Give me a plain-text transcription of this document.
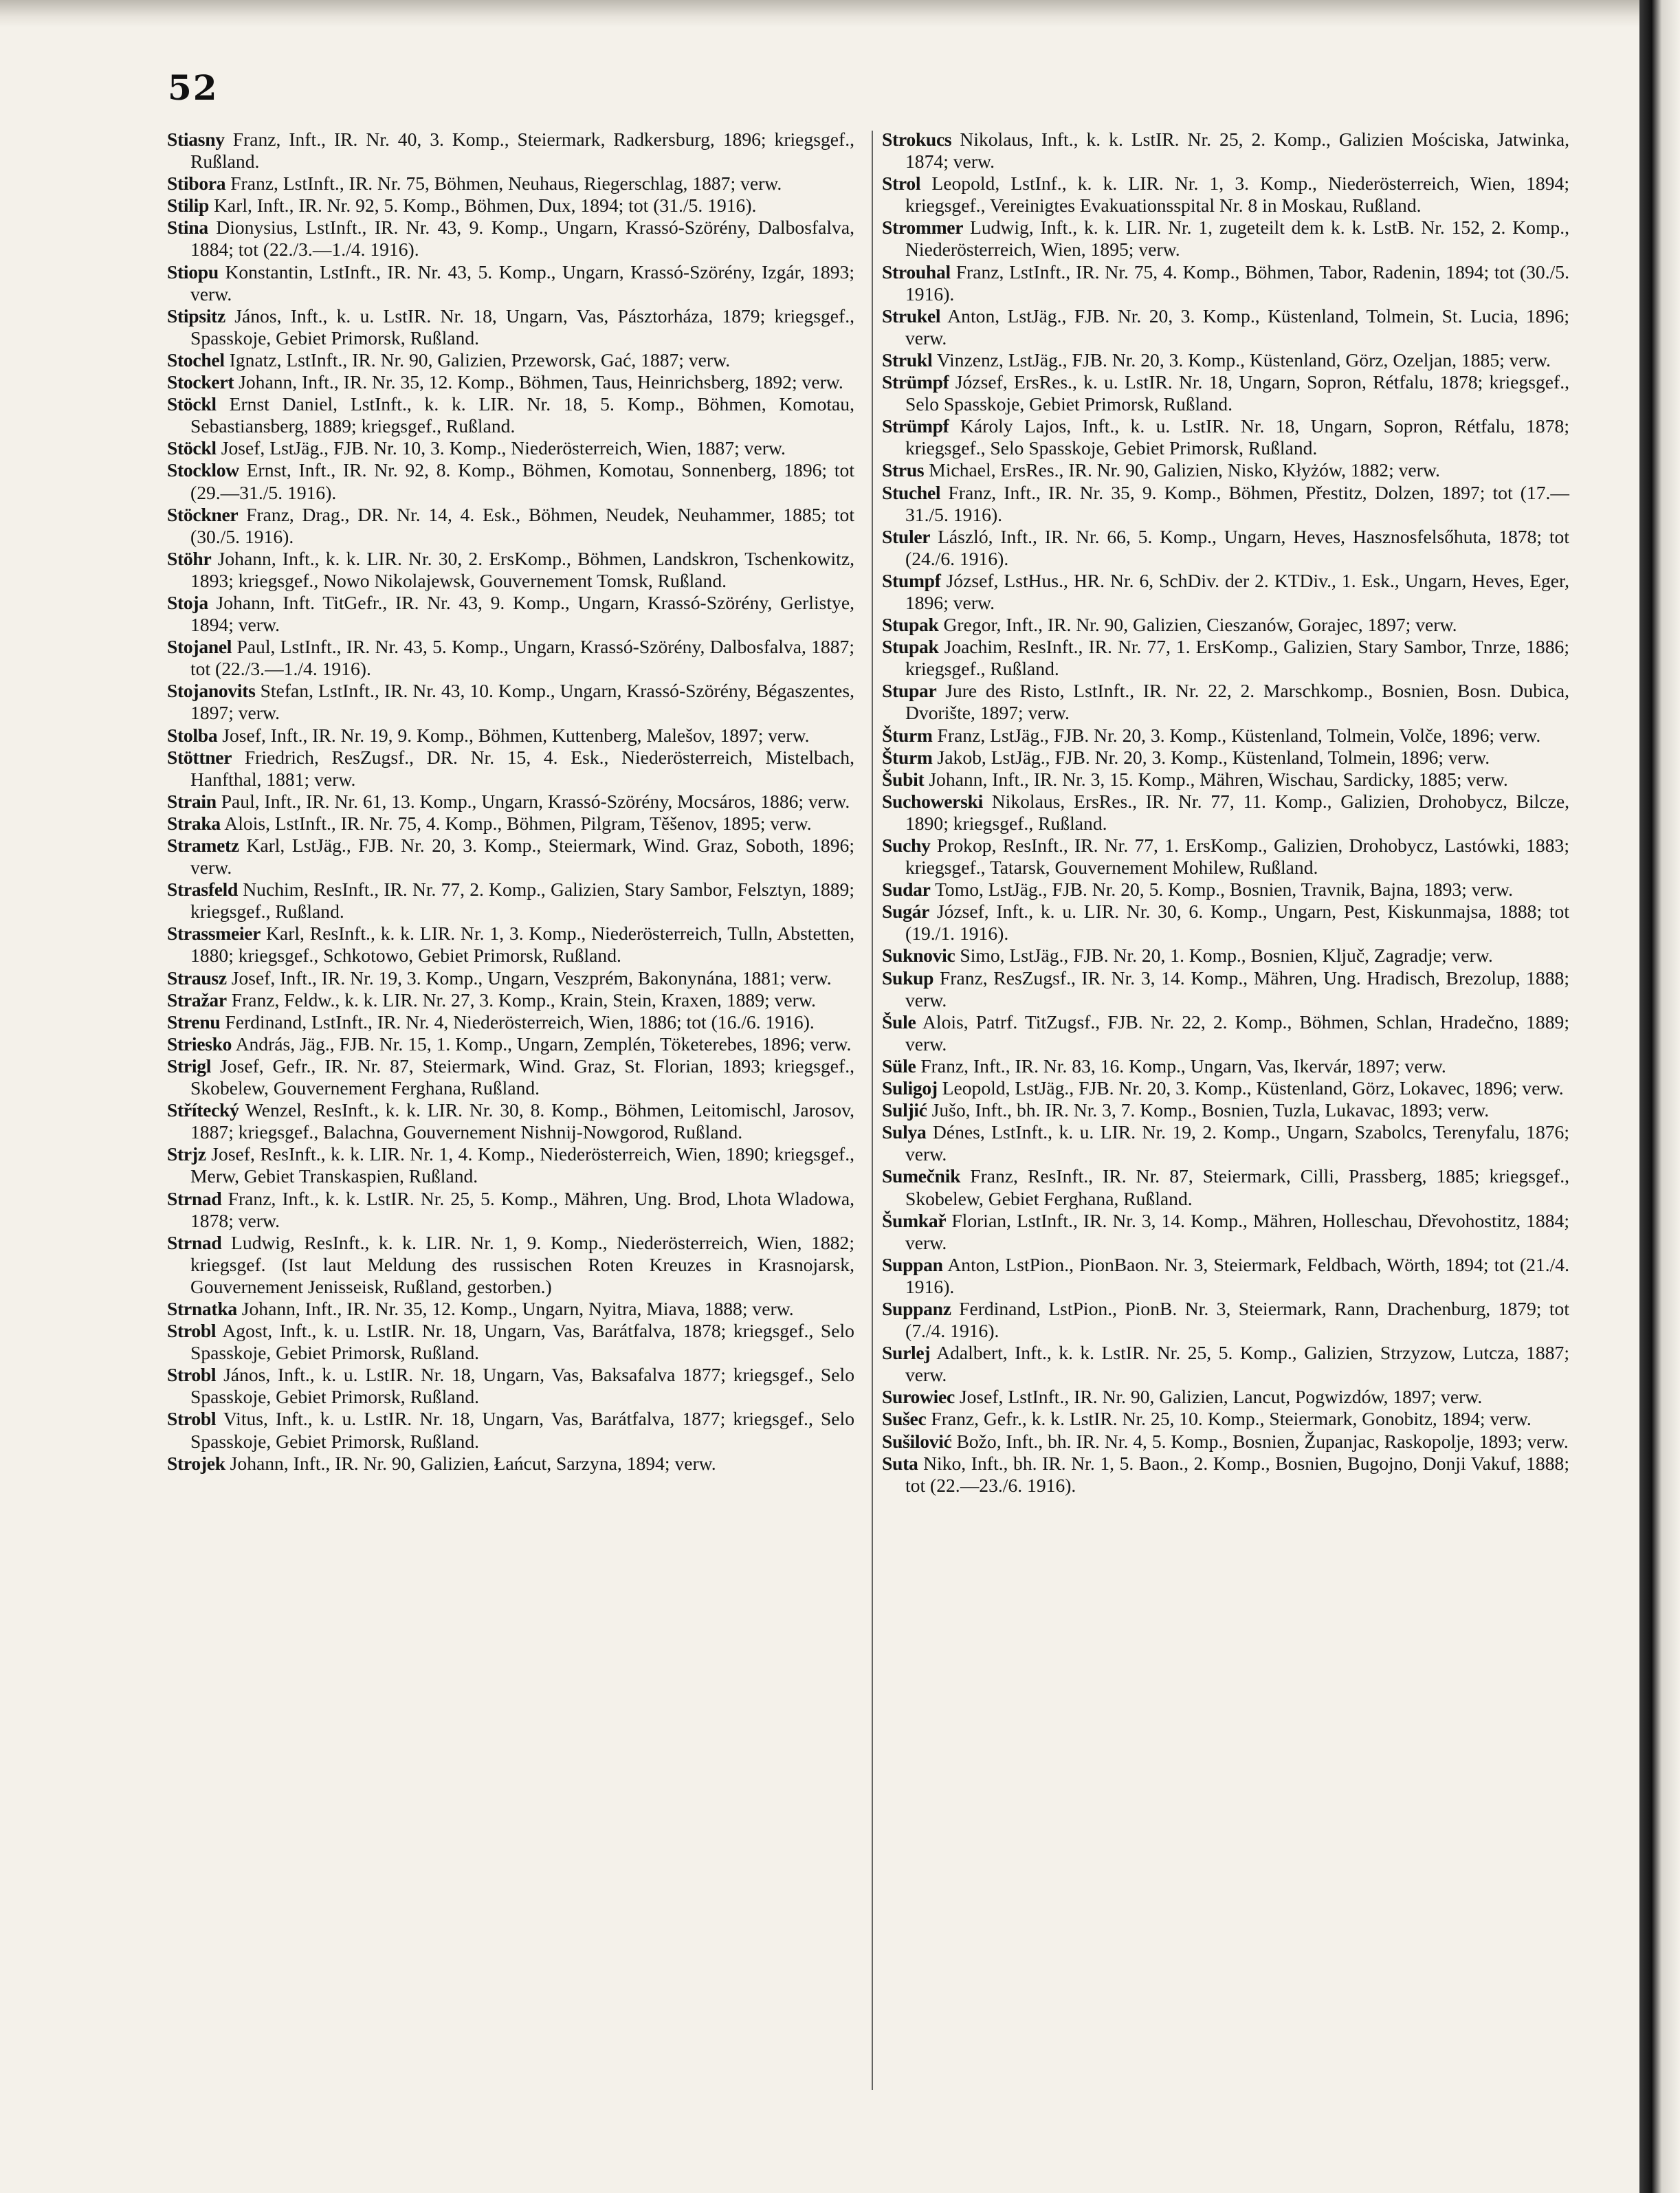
52

Stiasny Franz, Inft., IR. Nr. 40, 3. Komp., Steiermark, Radkersburg, 1896; kriegsgef., Rußland.

Stibora Franz, LstInft., IR. Nr. 75, Böhmen, Neuhaus, Riegerschlag, 1887; verw.

Stilip Karl, Inft., IR. Nr. 92, 5. Komp., Böhmen, Dux, 1894; tot (31./5. 1916).

Stina Dionysius, LstInft., IR. Nr. 43, 9. Komp., Ungarn, Krassó-Szörény, Dalbosfalva, 1884; tot (22./3.—1./4. 1916).

Stiopu Konstantin, LstInft., IR. Nr. 43, 5. Komp., Ungarn, Krassó-Szörény, Izgár, 1893; verw.

Stipsitz János, Inft., k. u. LstIR. Nr. 18, Ungarn, Vas, Pásztorháza, 1879; kriegsgef., Spasskoje, Gebiet Primorsk, Rußland.

Stochel Ignatz, LstInft., IR. Nr. 90, Galizien, Przeworsk, Gać, 1887; verw.

Stockert Johann, Inft., IR. Nr. 35, 12. Komp., Böhmen, Taus, Heinrichsberg, 1892; verw.

Stöckl Ernst Daniel, LstInft., k. k. LIR. Nr. 18, 5. Komp., Böhmen, Komotau, Sebastiansberg, 1889; kriegsgef., Rußland.

Stöckl Josef, LstJäg., FJB. Nr. 10, 3. Komp., Niederösterreich, Wien, 1887; verw.

Stocklow Ernst, Inft., IR. Nr. 92, 8. Komp., Böhmen, Komotau, Sonnenberg, 1896; tot (29.—31./5. 1916).

Stöckner Franz, Drag., DR. Nr. 14, 4. Esk., Böhmen, Neudek, Neuhammer, 1885; tot (30./5. 1916).

Stöhr Johann, Inft., k. k. LIR. Nr. 30, 2. ErsKomp., Böhmen, Landskron, Tschenkowitz, 1893; kriegsgef., Nowo Nikolajewsk, Gouvernement Tomsk, Rußland.

Stoja Johann, Inft. TitGefr., IR. Nr. 43, 9. Komp., Ungarn, Krassó-Szörény, Gerlistye, 1894; verw.

Stojanel Paul, LstInft., IR. Nr. 43, 5. Komp., Ungarn, Krassó-Szörény, Dalbosfalva, 1887; tot (22./3.—1./4. 1916).

Stojanovits Stefan, LstInft., IR. Nr. 43, 10. Komp., Ungarn, Krassó-Szörény, Bégaszentes, 1897; verw.

Stolba Josef, Inft., IR. Nr. 19, 9. Komp., Böhmen, Kuttenberg, Malešov, 1897; verw.

Stöttner Friedrich, ResZugsf., DR. Nr. 15, 4. Esk., Niederösterreich, Mistelbach, Hanfthal, 1881; verw.

Strain Paul, Inft., IR. Nr. 61, 13. Komp., Ungarn, Krassó-Szörény, Mocsáros, 1886; verw.

Straka Alois, LstInft., IR. Nr. 75, 4. Komp., Böhmen, Pilgram, Těšenov, 1895; verw.

Strametz Karl, LstJäg., FJB. Nr. 20, 3. Komp., Steiermark, Wind. Graz, Soboth, 1896; verw.

Strasfeld Nuchim, ResInft., IR. Nr. 77, 2. Komp., Galizien, Stary Sambor, Felsztyn, 1889; kriegsgef., Rußland.

Strassmeier Karl, ResInft., k. k. LIR. Nr. 1, 3. Komp., Niederösterreich, Tulln, Abstetten, 1880; kriegsgef., Schkotowo, Gebiet Primorsk, Rußland.

Strausz Josef, Inft., IR. Nr. 19, 3. Komp., Ungarn, Veszprém, Bakonynána, 1881; verw.

Stražar Franz, Feldw., k. k. LIR. Nr. 27, 3. Komp., Krain, Stein, Kraxen, 1889; verw.

Strenu Ferdinand, LstInft., IR. Nr. 4, Niederösterreich, Wien, 1886; tot (16./6. 1916).

Striesko András, Jäg., FJB. Nr. 15, 1. Komp., Ungarn, Zemplén, Töketerebes, 1896; verw.

Strigl Josef, Gefr., IR. Nr. 87, Steiermark, Wind. Graz, St. Florian, 1893; kriegsgef., Skobelew, Gouvernement Ferghana, Rußland.

Střítecký Wenzel, ResInft., k. k. LIR. Nr. 30, 8. Komp., Böhmen, Leitomischl, Jarosov, 1887; kriegsgef., Balachna, Gouvernement Nishnij-Nowgorod, Rußland.

Strjz Josef, ResInft., k. k. LIR. Nr. 1, 4. Komp., Niederösterreich, Wien, 1890; kriegsgef., Merw, Gebiet Transkaspien, Rußland.

Strnad Franz, Inft., k. k. LstIR. Nr. 25, 5. Komp., Mähren, Ung. Brod, Lhota Wladowa, 1878; verw.

Strnad Ludwig, ResInft., k. k. LIR. Nr. 1, 9. Komp., Niederösterreich, Wien, 1882; kriegsgef. (Ist laut Meldung des russischen Roten Kreuzes in Krasnojarsk, Gouvernement Jenisseisk, Rußland, gestorben.)

Strnatka Johann, Inft., IR. Nr. 35, 12. Komp., Ungarn, Nyitra, Miava, 1888; verw.

Strobl Agost, Inft., k. u. LstIR. Nr. 18, Ungarn, Vas, Barátfalva, 1878; kriegsgef., Selo Spasskoje, Gebiet Primorsk, Rußland.

Strobl János, Inft., k. u. LstIR. Nr. 18, Ungarn, Vas, Baksafalva 1877; kriegsgef., Selo Spasskoje, Gebiet Primorsk, Rußland.

Strobl Vitus, Inft., k. u. LstIR. Nr. 18, Ungarn, Vas, Barátfalva, 1877; kriegsgef., Selo Spasskoje, Gebiet Primorsk, Rußland.

Strojek Johann, Inft., IR. Nr. 90, Galizien, Łańcut, Sarzyna, 1894; verw.

Strokucs Nikolaus, Inft., k. k. LstIR. Nr. 25, 2. Komp., Galizien Mościska, Jatwinka, 1874; verw.

Strol Leopold, LstInf., k. k. LIR. Nr. 1, 3. Komp., Niederösterreich, Wien, 1894; kriegsgef., Vereinigtes Evakuationsspital Nr. 8 in Moskau, Rußland.

Strommer Ludwig, Inft., k. k. LIR. Nr. 1, zugeteilt dem k. k. LstB. Nr. 152, 2. Komp., Niederösterreich, Wien, 1895; verw.

Strouhal Franz, LstInft., IR. Nr. 75, 4. Komp., Böhmen, Tabor, Radenin, 1894; tot (30./5. 1916).

Strukel Anton, LstJäg., FJB. Nr. 20, 3. Komp., Küstenland, Tolmein, St. Lucia, 1896; verw.

Strukl Vinzenz, LstJäg., FJB. Nr. 20, 3. Komp., Küstenland, Görz, Ozeljan, 1885; verw.

Strümpf József, ErsRes., k. u. LstIR. Nr. 18, Ungarn, Sopron, Rétfalu, 1878; kriegsgef., Selo Spasskoje, Gebiet Primorsk, Rußland.

Strümpf Károly Lajos, Inft., k. u. LstIR. Nr. 18, Ungarn, Sopron, Rétfalu, 1878; kriegsgef., Selo Spasskoje, Gebiet Primorsk, Rußland.

Strus Michael, ErsRes., IR. Nr. 90, Galizien, Nisko, Kłyżów, 1882; verw.

Stuchel Franz, Inft., IR. Nr. 35, 9. Komp., Böhmen, Přestitz, Dolzen, 1897; tot (17.—31./5. 1916).

Stuler László, Inft., IR. Nr. 66, 5. Komp., Ungarn, Heves, Hasznosfelsőhuta, 1878; tot (24./6. 1916).

Stumpf József, LstHus., HR. Nr. 6, SchDiv. der 2. KTDiv., 1. Esk., Ungarn, Heves, Eger, 1896; verw.

Stupak Gregor, Inft., IR. Nr. 90, Galizien, Cieszanów, Gorajec, 1897; verw.

Stupak Joachim, ResInft., IR. Nr. 77, 1. ErsKomp., Galizien, Stary Sambor, Tnrze, 1886; kriegsgef., Rußland.

Stupar Jure des Risto, LstInft., IR. Nr. 22, 2. Marschkomp., Bosnien, Bosn. Dubica, Dvorište, 1897; verw.

Šturm Franz, LstJäg., FJB. Nr. 20, 3. Komp., Küstenland, Tolmein, Volče, 1896; verw.

Šturm Jakob, LstJäg., FJB. Nr. 20, 3. Komp., Küstenland, Tolmein, 1896; verw.

Šubit Johann, Inft., IR. Nr. 3, 15. Komp., Mähren, Wischau, Sardicky, 1885; verw.

Suchowerski Nikolaus, ErsRes., IR. Nr. 77, 11. Komp., Galizien, Drohobycz, Bilcze, 1890; kriegsgef., Rußland.

Suchy Prokop, ResInft., IR. Nr. 77, 1. ErsKomp., Galizien, Drohobycz, Lastówki, 1883; kriegsgef., Tatarsk, Gouvernement Mohilew, Rußland.

Sudar Tomo, LstJäg., FJB. Nr. 20, 5. Komp., Bosnien, Travnik, Bajna, 1893; verw.

Sugár József, Inft., k. u. LIR. Nr. 30, 6. Komp., Ungarn, Pest, Kiskunmajsa, 1888; tot (19./1. 1916).

Suknovic Simo, LstJäg., FJB. Nr. 20, 1. Komp., Bosnien, Ključ, Zagradje; verw.

Sukup Franz, ResZugsf., IR. Nr. 3, 14. Komp., Mähren, Ung. Hradisch, Brezolup, 1888; verw.

Šule Alois, Patrf. TitZugsf., FJB. Nr. 22, 2. Komp., Böhmen, Schlan, Hradečno, 1889; verw.

Süle Franz, Inft., IR. Nr. 83, 16. Komp., Ungarn, Vas, Ikervár, 1897; verw.

Suligoj Leopold, LstJäg., FJB. Nr. 20, 3. Komp., Küstenland, Görz, Lokavec, 1896; verw.

Suljić Jušo, Inft., bh. IR. Nr. 3, 7. Komp., Bosnien, Tuzla, Lukavac, 1893; verw.

Sulya Dénes, LstInft., k. u. LIR. Nr. 19, 2. Komp., Ungarn, Szabolcs, Terenyfalu, 1876; verw.

Sumečnik Franz, ResInft., IR. Nr. 87, Steiermark, Cilli, Prassberg, 1885; kriegsgef., Skobelew, Gebiet Ferghana, Rußland.

Šumkař Florian, LstInft., IR. Nr. 3, 14. Komp., Mähren, Holleschau, Dřevohostitz, 1884; verw.

Suppan Anton, LstPion., PionBaon. Nr. 3, Steiermark, Feldbach, Wörth, 1894; tot (21./4. 1916).

Suppanz Ferdinand, LstPion., PionB. Nr. 3, Steiermark, Rann, Drachenburg, 1879; tot (7./4. 1916).

Surlej Adalbert, Inft., k. k. LstIR. Nr. 25, 5. Komp., Galizien, Strzyzow, Lutcza, 1887; verw.

Surowiec Josef, LstInft., IR. Nr. 90, Galizien, Lancut, Pogwizdów, 1897; verw.

Sušec Franz, Gefr., k. k. LstIR. Nr. 25, 10. Komp., Steiermark, Gonobitz, 1894; verw.

Sušilović Božo, Inft., bh. IR. Nr. 4, 5. Komp., Bosnien, Županjac, Raskopolje, 1893; verw.

Suta Niko, Inft., bh. IR. Nr. 1, 5. Baon., 2. Komp., Bosnien, Bugojno, Donji Vakuf, 1888; tot (22.—23./6. 1916).
